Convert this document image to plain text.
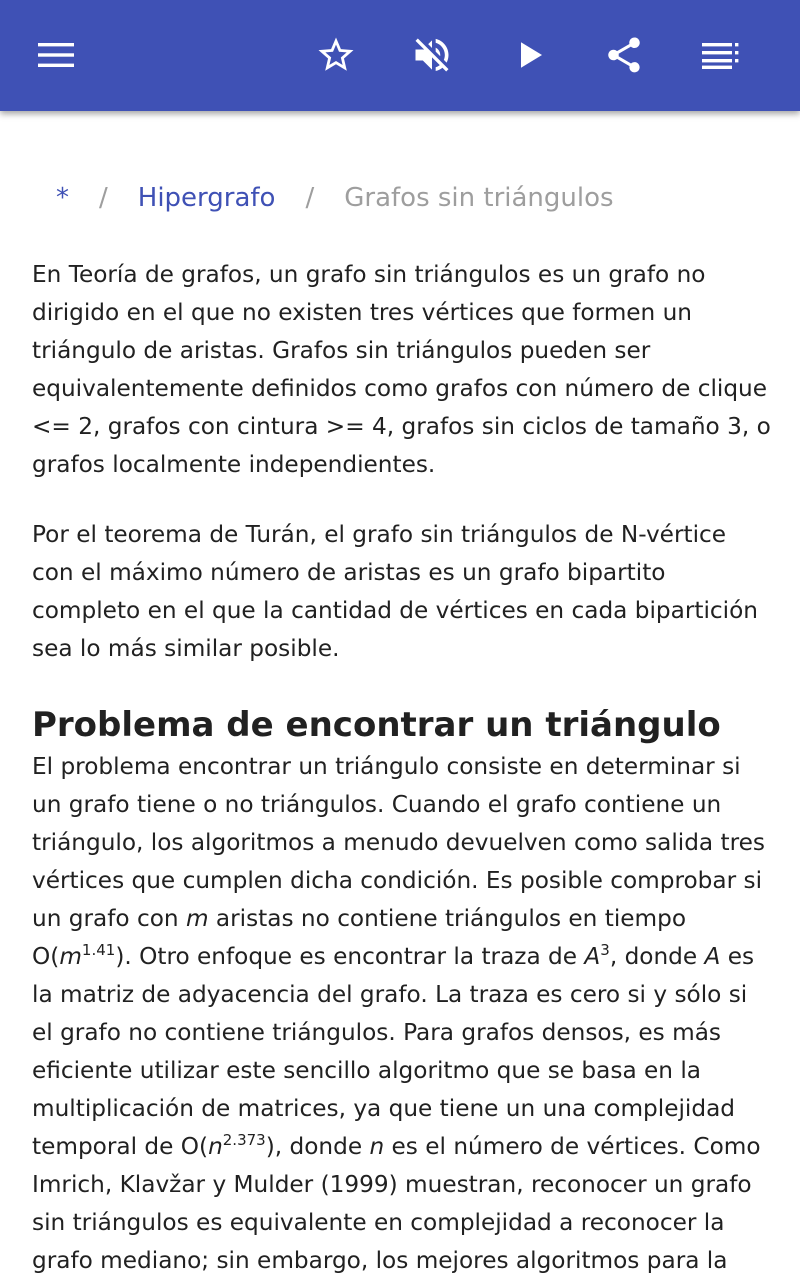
* / Hipergrafo / Grafos sin triángulos

En Teoría de grafos, un grafo sin triángulos es un grafo no dirigido en el que no existen tres vértices que formen un triángulo de aristas. Grafos sin triángulos pueden ser equivalentemente definidos como grafos con número de clique <= 2, grafos con cintura >= 4, grafos sin ciclos de tamaño 3, o grafos localmente independientes.

Por el teorema de Turán, el grafo sin triángulos de N-vértice con el máximo número de aristas es un grafo bipartito completo en el que la cantidad de vértices en cada bipartición sea lo más similar posible.

Problema de encontrar un triángulo

El problema encontrar un triángulo consiste en determinar si un grafo tiene o no triángulos. Cuando el grafo contiene un triángulo, los algoritmos a menudo devuelven como salida tres vértices que cumplen dicha condición. Es posible comprobar si un grafo con m aristas no contiene triángulos en tiempo $O(m^{1.41})$. Otro enfoque es encontrar la traza de $A^3$, donde A es la matriz de adyacencia del grafo. La traza es cero si y sólo si el grafo no contiene triángulos. Para grafos densos, es más eficiente utilizar este sencillo algoritmo que se basa en la multiplicación de matrices, ya que tiene un una complejidad temporal de $O(n^{2.373})$, donde n es el número de vértices. Como Imrich, Klavžar y Mulder (1999) muestran, reconocer un grafo sin triángulos es equivalente en complejidad a reconocer la grafo mediano; sin embargo, los mejores algoritmos para la
